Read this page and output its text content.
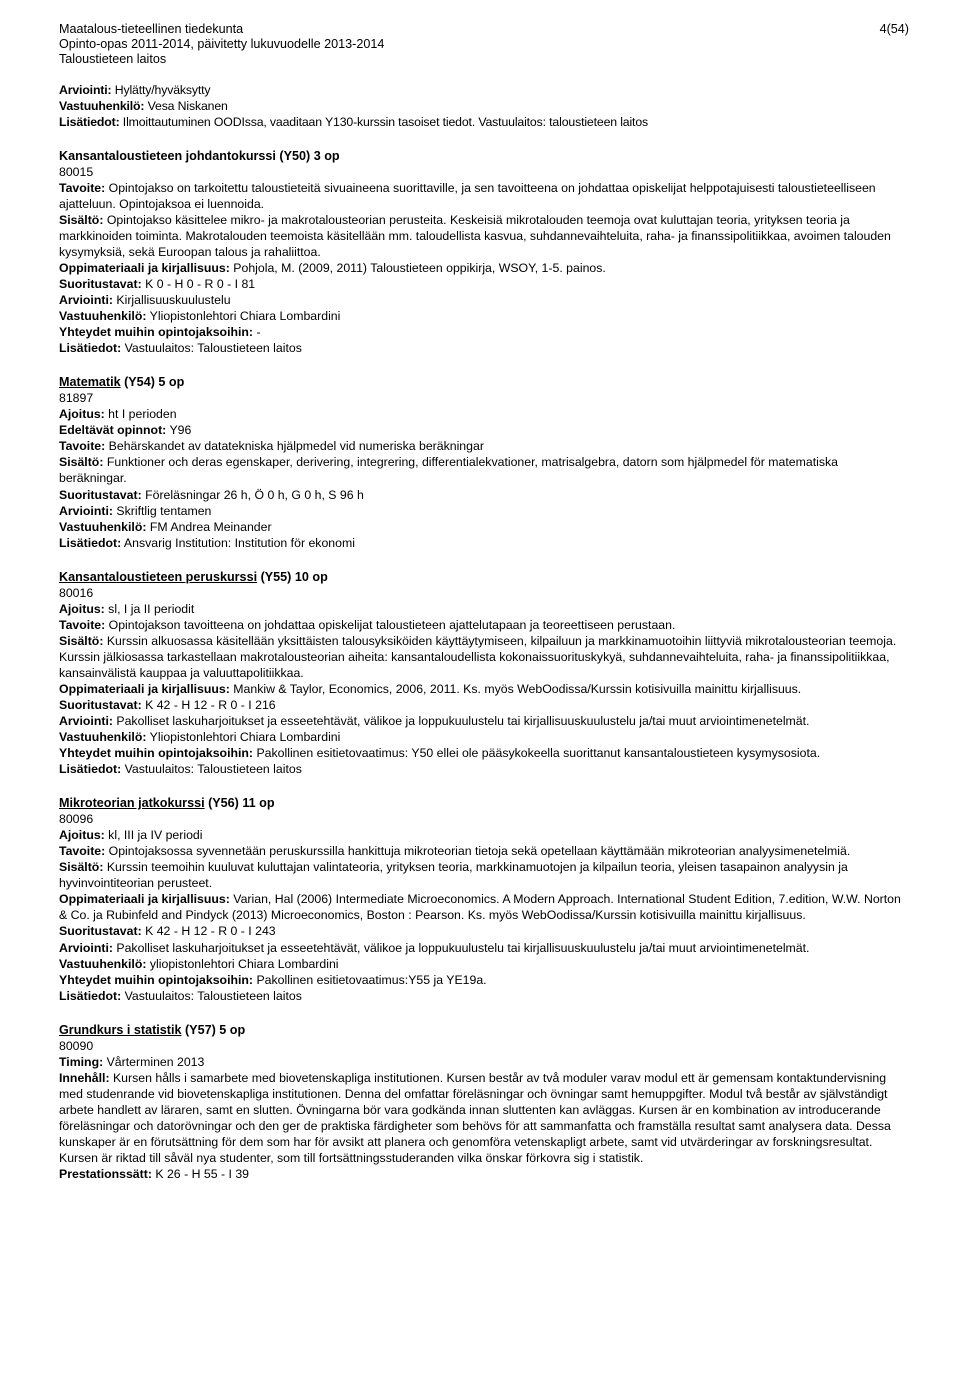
Maatalous-tieteellinen tiedekunta
Opinto-opas 2011-2014, päivitetty lukuvuodelle 2013-2014
Taloustieteen laitos
4(54)
Arviointi: Hylätty/hyväksytty
Vastuuhenkilö: Vesa Niskanen
Lisätiedot: Ilmoittautuminen OODIssa, vaaditaan Y130-kurssin tasoiset tiedot. Vastuulaitos: taloustieteen laitos
Kansantaloustieteen johdantokurssi (Y50) 3 op
80015

Tavoite: Opintojakso on tarkoitettu taloustieteitä sivuaineena suorittaville, ja sen tavoitteena on johdattaa opiskelijat helppotajuisesti taloustieteelliseen ajatteluun. Opintojaksoa ei luennoida.

Sisältö: Opintojakso käsittelee mikro- ja makrotalousteorian perusteita. Keskeisiä mikrotalouden teemoja ovat kuluttajan teoria, yrityksen teoria ja markkinoiden toiminta. Makrotalouden teemoista käsitellään mm. taloudellista kasvua, suhdannevaihteluita, raha- ja finanssipolitiikkaa, avoimen talouden kysymyksiä, sekä Euroopan talous ja rahaliittoa.

Oppimateriaali ja kirjallisuus: Pohjola, M. (2009, 2011) Taloustieteen oppikirja, WSOY, 1-5. painos.

Suoritustavat: K 0 - H 0 - R 0 - I 81

Arviointi: Kirjallisuuskuulustelu

Vastuuhenkilö: Yliopistonlehtori Chiara Lombardini

Yhteydet muihin opintojaksoihin: -

Lisätiedot: Vastuulaitos: Taloustieteen laitos

Matematik (Y54) 5 op
81897

Ajoitus: ht I perioden

Edeltävät opinnot: Y96

Tavoite: Behärskandet av datatekniska hjälpmedel vid numeriska beräkningar

Sisältö: Funktioner och deras egenskaper, derivering, integrering, differentialekvationer, matrisalgebra, datorn som hjälpmedel för matematiska beräkningar.

Suoritustavat: Föreläsningar 26 h, Ö 0 h, G 0 h, S 96 h

Arviointi: Skriftlig tentamen

Vastuuhenkilö: FM Andrea Meinander

Lisätiedot: Ansvarig Institution: Institution för ekonomi

Kansantaloustieteen peruskurssi (Y55) 10 op
80016

Ajoitus: sl, I ja II periodit

Tavoite: Opintojakson tavoitteena on johdattaa opiskelijat taloustieteen ajattelutapaan ja teoreettiseen perustaan.

Sisältö: Kurssin alkuosassa käsitellään yksittäisten talousyksiköiden käyttäytymiseen, kilpailuun ja markkinamuotoihin liittyviä mikrotalousteorian teemoja. Kurssin jälkiosassa tarkastellaan makrotalousteorian aiheita: kansantaloudellista kokonaissuorituskykyä, suhdannevaihteluita, raha- ja finanssipolitiikkaa, kansainvälistä kauppaa ja valuuttapolitiikkaa.

Oppimateriaali ja kirjallisuus: Mankiw & Taylor, Economics, 2006, 2011. Ks. myös WebOodissa/Kurssin kotisivuilla mainittu kirjallisuus.

Suoritustavat: K 42 - H 12 - R 0 - I 216

Arviointi: Pakolliset laskuharjoitukset ja esseetehtävät, välikoe ja loppukuulustelu tai kirjallisuuskuulustelu ja/tai muut arviointimenetelmät.

Vastuuhenkilö: Yliopistonlehtori Chiara Lombardini

Yhteydet muihin opintojaksoihin: Pakollinen esitietovaatimus: Y50 ellei ole pääsykokeella suorittanut kansantaloustieteen kysymysosiota.

Lisätiedot: Vastuulaitos: Taloustieteen laitos

Mikroteorian jatkokurssi (Y56) 11 op
80096

Ajoitus: kl, III ja IV periodi

Tavoite: Opintojaksossa syvennetään peruskurssilla hankittuja mikroteorian tietoja sekä opetellaan käyttämään mikroteorian analyysimenetelmiä.

Sisältö: Kurssin teemoihin kuuluvat kuluttajan valintateoria, yrityksen teoria, markkinamuotojen ja kilpailun teoria, yleisen tasapainon analyysin ja hyvinvointiteorian perusteet.

Oppimateriaali ja kirjallisuus: Varian, Hal (2006) Intermediate Microeconomics. A Modern Approach. International Student Edition, 7.edition, W.W. Norton & Co. ja Rubinfeld and Pindyck (2013) Microeconomics, Boston : Pearson. Ks. myös WebOodissa/Kurssin kotisivuilla mainittu kirjallisuus.

Suoritustavat: K 42 - H 12 - R 0 - I 243

Arviointi: Pakolliset laskuharjoitukset ja esseetehtävät, välikoe ja loppukuulustelu tai kirjallisuuskuulustelu ja/tai muut arviointimenetelmät.

Vastuuhenkilö: yliopistonlehtori Chiara Lombardini

Yhteydet muihin opintojaksoihin: Pakollinen esitietovaatimus:Y55 ja YE19a.

Lisätiedot: Vastuulaitos: Taloustieteen laitos

Grundkurs i statistik (Y57) 5 op
80090

Timing: Vårterminen 2013

Innehåll: Kursen hålls i samarbete med biovetenskapliga institutionen. Kursen består av två moduler varav modul ett är gemensam kontaktundervisning med studenrande vid biovetenskapliga institutionen. Denna del omfattar föreläsningar och övningar samt hemuppgifter. Modul två består av självständigt arbete handlett av läraren, samt en slutten. Övningarna bör vara godkända innan sluttenten kan avläggas. Kursen är en kombination av introducerande föreläsningar och datorövningar och den ger de praktiska färdigheter som behövs för att sammanfatta och framställa resultat samt analysera data. Dessa kunskaper är en förutsättning för dem som har för avsikt att planera och genomföra vetenskapligt arbete, samt vid utvärderingar av forskningsresultat. Kursen är riktad till såväl nya studenter, som till fortsättningsstuderanden vilka önskar förkovra sig i statistik.

Prestationssätt: K 26 - H 55 - I 39
